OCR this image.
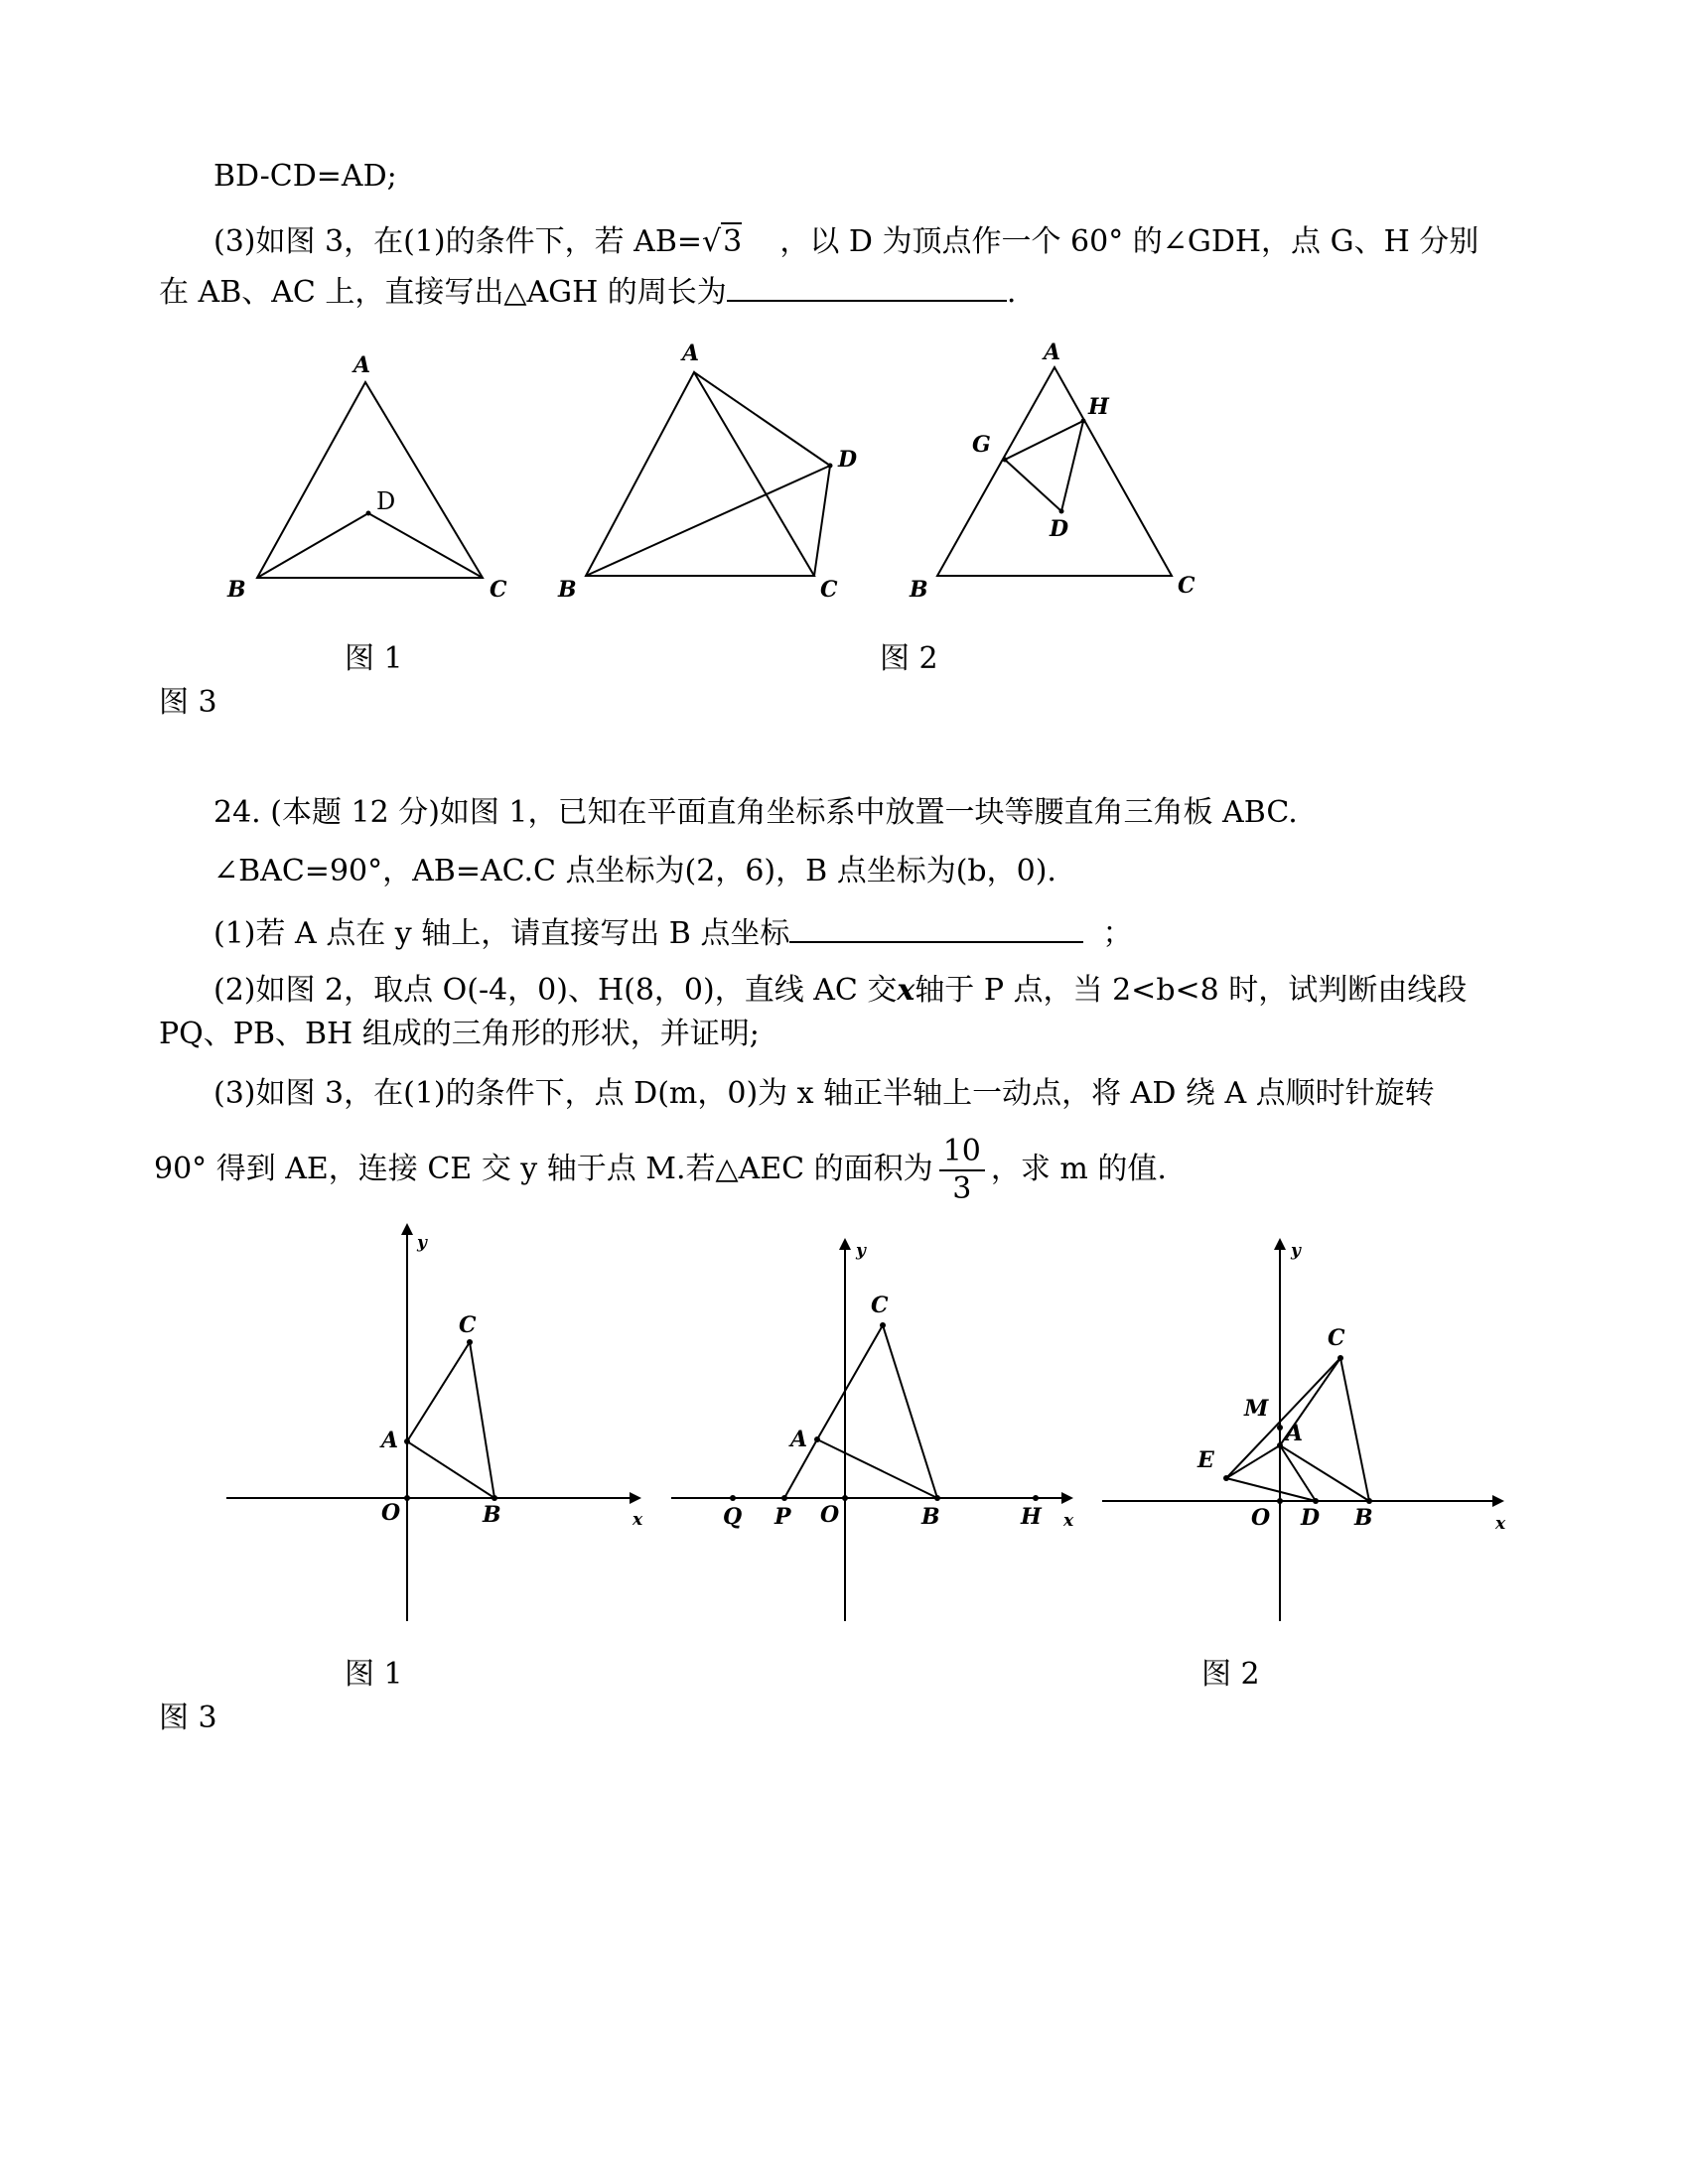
BD-CD=AD;
(3)如图 3，在(1)的条件下，若 AB=√3 ，以 D 为顶点作一个 60° 的∠GDH，点 G、H 分别
在 AB、AC 上，直接写出△AGH 的周长为	.
A
B	C
D
A
B	C
D
A
B	C
D
G
H
y
x
O
A
C
B
y
x
Q P O
A
C
B	H
y
x
O D B
C
A
M
E
图 1	图 2
图 3
24. (本题 12 分)如图 1，已知在平面直角坐标系中放置一块等腰直角三角板 ABC.
∠BAC=90°，AB=AC.C 点坐标为(2，6)，B 点坐标为(b，0).
(1)若 A 点在 y 轴上，请直接写出 B 点坐标	；
(2)如图 2，取点 O(-4，0)、H(8，0)，直线 AC 交x轴于 P 点，当 2<b<8 时，试判断由线段
PQ、PB、BH 组成的三角形的形状，并证明;
(3)如图 3，在(1)的条件下，点 D(m，0)为 x 轴正半轴上一动点，将 AD 绕 A 点顺时针旋转
90° 得到 AE，连接 CE 交 y 轴于点 M.若△AEC 的面积为 $\frac{10}{3}$ ，求 m 的值.
图 1	图 2
图 3
